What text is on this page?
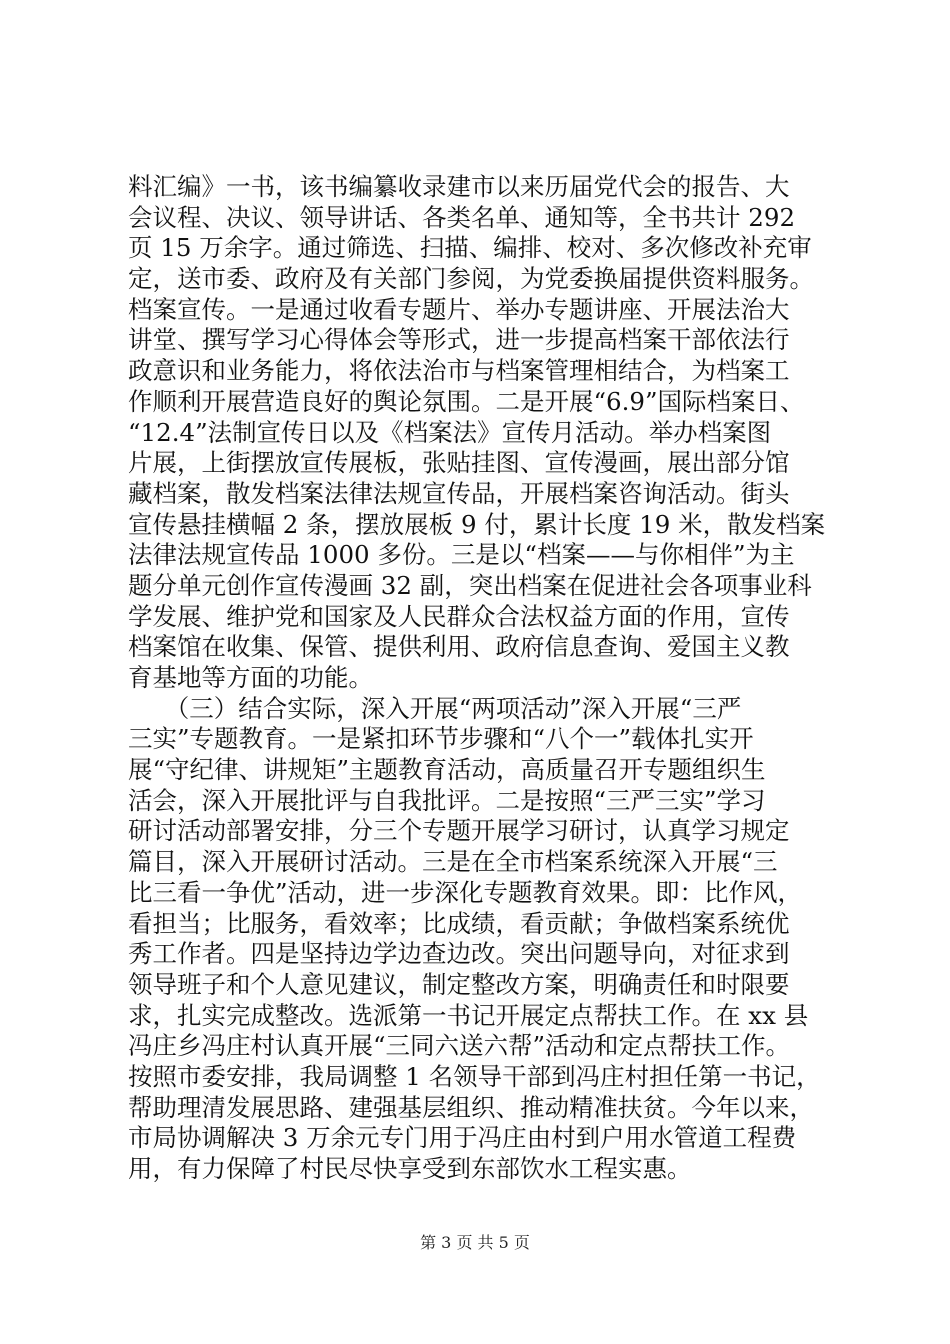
料汇编》一书，该书编纂收录建市以来历届党代会的报告、大
会议程、决议、领导讲话、各类名单、通知等，全书共计 292
页 15 万余字。通过筛选、扫描、编排、校对、多次修改补充审
定，送市委、政府及有关部门参阅，为党委换届提供资料服务。
档案宣传。一是通过收看专题片、举办专题讲座、开展法治大
讲堂、撰写学习心得体会等形式，进一步提高档案干部依法行
政意识和业务能力，将依法治市与档案管理相结合，为档案工
作顺利开展营造良好的舆论氛围。二是开展“6.9”国际档案日、
“12.4”法制宣传日以及《档案法》宣传月活动。举办档案图
片展，上街摆放宣传展板，张贴挂图、宣传漫画，展出部分馆
藏档案，散发档案法律法规宣传品，开展档案咨询活动。街头
宣传悬挂横幅 2 条，摆放展板 9 付，累计长度 19 米，散发档案
法律法规宣传品 1000 多份。三是以“档案——与你相伴”为主
题分单元创作宣传漫画 32 副，突出档案在促进社会各项事业科
学发展、维护党和国家及人民群众合法权益方面的作用，宣传
档案馆在收集、保管、提供利用、政府信息查询、爱国主义教
育基地等方面的功能。
　　（三）结合实际，深入开展“两项活动”深入开展“三严
三实”专题教育。一是紧扣环节步骤和“八个一”载体扎实开
展“守纪律、讲规矩”主题教育活动，高质量召开专题组织生
活会，深入开展批评与自我批评。二是按照“三严三实”学习
研讨活动部署安排，分三个专题开展学习研讨，认真学习规定
篇目，深入开展研讨活动。三是在全市档案系统深入开展“三
比三看一争优”活动，进一步深化专题教育效果。即：比作风，
看担当；比服务，看效率；比成绩，看贡献；争做档案系统优
秀工作者。四是坚持边学边查边改。突出问题导向，对征求到
领导班子和个人意见建议，制定整改方案，明确责任和时限要
求，扎实完成整改。选派第一书记开展定点帮扶工作。在 xx 县
冯庄乡冯庄村认真开展“三同六送六帮”活动和定点帮扶工作。
按照市委安排，我局调整 1 名领导干部到冯庄村担任第一书记，
帮助理清发展思路、建强基层组织、推动精准扶贫。今年以来，
市局协调解决 3 万余元专门用于冯庄由村到户用水管道工程费
用，有力保障了村民尽快享受到东部饮水工程实惠。
第 3 页 共 5 页
